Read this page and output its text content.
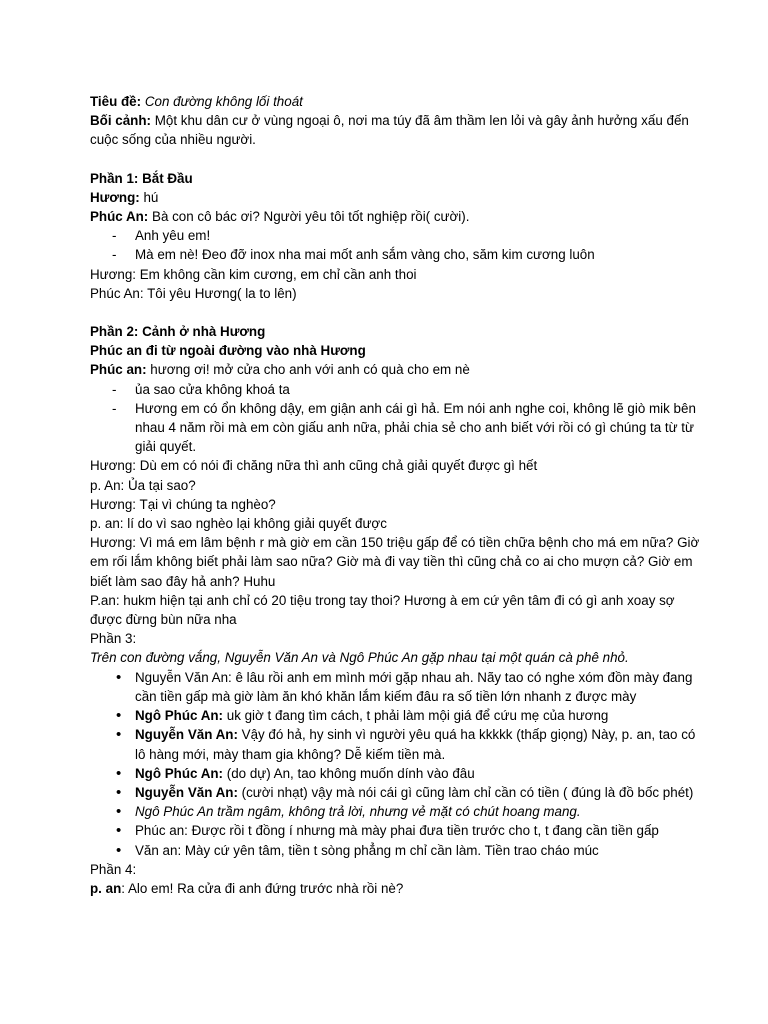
Tiêu đề: Con đường không lối thoát

Bối cảnh: Một khu dân cư ở vùng ngoại ô, nơi ma túy đã âm thầm len lỏi và gây ảnh hưởng xấu đến cuộc sống của nhiều người.

Phần 1: Bắt Đầu

Hương: hú

Phúc An: Bà con cô bác ơi? Người yêu tôi tốt nghiệp rồi( cười).

- Anh yêu em!
- Mà em nè! Đeo đỡ inox nha mai mốt anh sắm vàng cho, săm kim cương luôn

Hương: Em không cần kim cương, em chỉ cần anh thoi

Phúc An: Tôi yêu Hương( la to lên)

Phần 2: Cảnh ở nhà Hương

Phúc an đi từ ngoài đường vào nhà Hương

Phúc an: hương ơi! mở cửa cho anh với anh có quà cho em nè

- ủa sao cửa không khoá ta
- Hương em có ổn không dậy, em giận anh cái gì hả. Em nói anh nghe coi, không lẽ giò mik bên nhau 4 năm rồi mà em còn giấu anh nữa, phải chia sẻ cho anh biết với rồi có gì chúng ta từ từ giải quyết.

Hương: Dù em có nói đi chăng nữa thì anh cũng chả giải quyết được gì hết

p. An: Ủa tại sao?

Hương: Tại vì chúng ta nghèo?

p. an: lí do vì sao nghèo lại không giải quyết được

Hương: Vì má em lâm bệnh r mà giờ em cần 150 triệu gấp để có tiền chữa bệnh cho má em nữa? Giờ em rối lắm không biết phải làm sao nữa? Giờ mà đi vay tiền thì cũng chả co ai cho mượn cả? Giờ em biết làm sao đây hả anh? Huhu

P.an: hukm hiện tại anh chỉ có 20 tiệu trong tay thoi? Hương à em cứ yên tâm đi có gì anh xoay sợ được đừng bùn nữa nha

Phần 3:

Trên con đường vắng, Nguyễn Văn An và Ngô Phúc An gặp nhau tại một quán cà phê nhỏ.

• Nguyễn Văn An: ê lâu rồi anh em mình mới gặp nhau ah. Nãy tao có nghe xóm đồn mày đang cần tiền gấp mà giờ làm ăn khó khăn lắm kiếm đâu ra số tiền lớn nhanh z được mày
• Ngô Phúc An: uk giờ t đang tìm cách, t phải làm mội giá để cứu mẹ của hương
• Nguyễn Văn An: Vậy đó hả, hy sinh vì người yêu quá ha kkkkk (thấp giọng) Này, p. an, tao có lô hàng mới, mày tham gia không? Dễ kiếm tiền mà.
• Ngô Phúc An: (do dự) An, tao không muốn dính vào đâu
• Nguyễn Văn An: (cười nhạt) vậy mà nói cái gì cũng làm chỉ cần có tiền ( đúng là đồ bốc phét)
• Ngô Phúc An trầm ngâm, không trả lời, nhưng vẻ mặt có chút hoang mang.
• Phúc an: Được rồi t đồng í nhưng mà mày phai đưa tiền trước cho t, t đang cần tiền gấp
• Văn an: Mày cứ yên tâm, tiền t sòng phẳng m chỉ cần làm. Tiền trao cháo múc

Phần 4:

p. an: Alo em! Ra cửa đi anh đứng trước nhà rồi nè?
